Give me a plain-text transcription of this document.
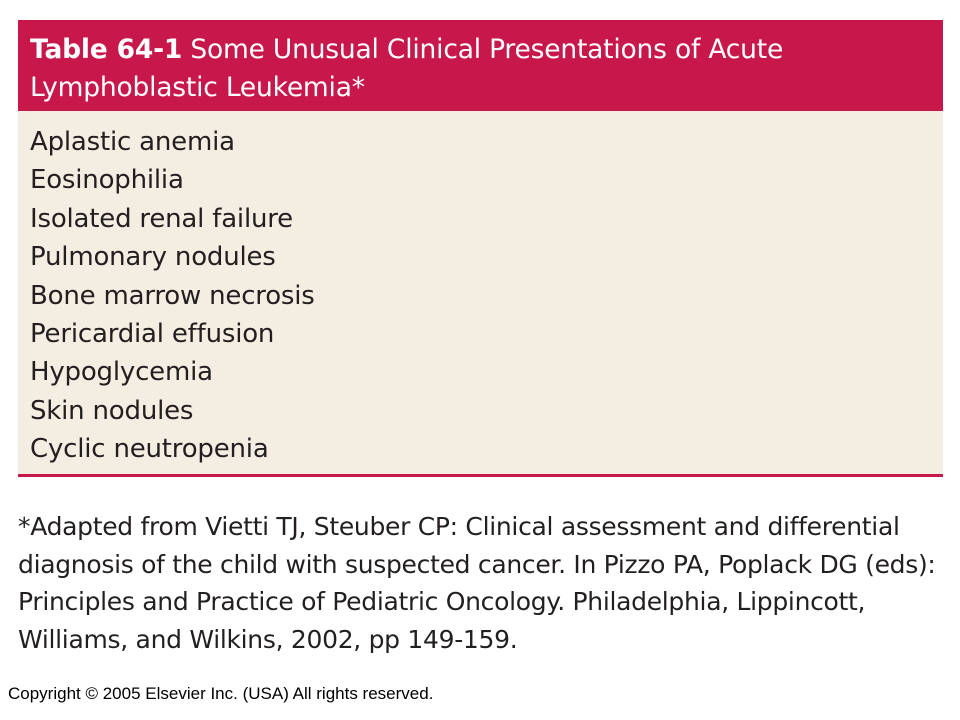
Table 64-1 Some Unusual Clinical Presentations of Acute Lymphoblastic Leukemia*
Aplastic anemia
Eosinophilia
Isolated renal failure
Pulmonary nodules
Bone marrow necrosis
Pericardial effusion
Hypoglycemia
Skin nodules
Cyclic neutropenia
*Adapted from Vietti TJ, Steuber CP: Clinical assessment and differential diagnosis of the child with suspected cancer. In Pizzo PA, Poplack DG (eds): Principles and Practice of Pediatric Oncology. Philadelphia, Lippincott, Williams, and Wilkins, 2002, pp 149-159.
Copyright © 2005 Elsevier Inc. (USA) All rights reserved.
